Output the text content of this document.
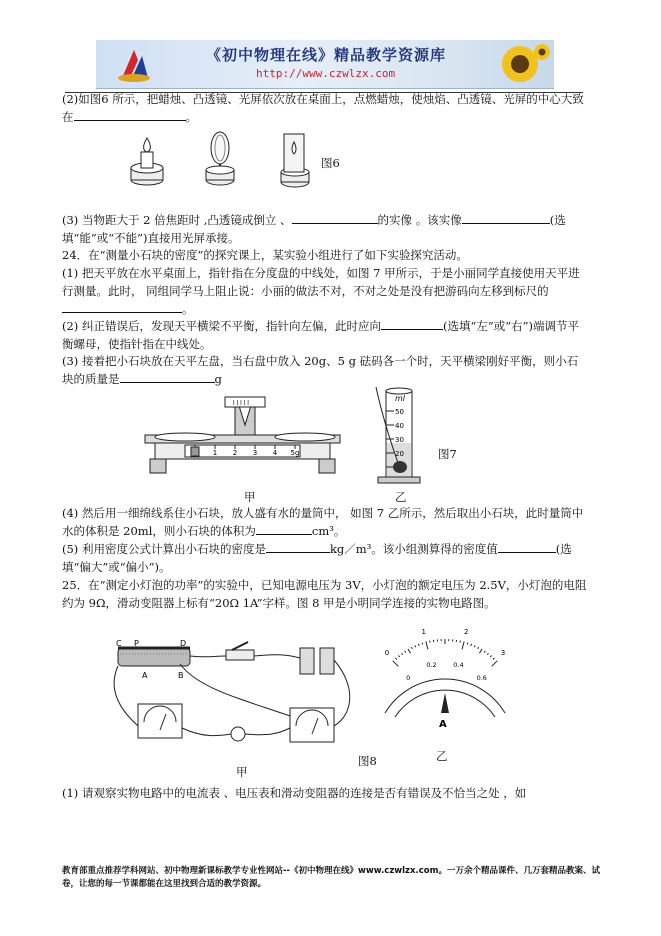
《初中物理在线》精品教学资源库
http://www.czwlzx.com
(2)如图6 所示，把蜡烛、凸透镜、光屏依次放在桌面上，点燃蜡烛，使烛焰、凸透镜、光屏的中心大致在	。
图6
(3) 当物距大于 2 倍焦距时 ,凸透镜成倒立 、	的实像 。该实像	(选填“能”或“不能”)直接用光屏承接。
24．在“测量小石块的密度”的探究课上，某实验小组进行了如下实验探究活动。
(1) 把天平放在水平桌面上，指针指在分度盘的中线处，如图 7 甲所示，于是小丽同学直接使用天平进行测量。此时， 同组同学马上阻止说：小丽的做法不对，不对之处是没有把游码向左移到标尺的。
(2) 纠正错误后，发现天平横梁不平衡，指针向左偏，此时应向	(选填“左”或“右”)端调节平衡螺母，使指针指在中线处。
(3) 接着把小石块放在天平左盘，当右盘中放入 20g、5 g 砝码各一个时，天平横梁刚好平衡，则小石块的质量是	g
1 2 3 4 5g
l l l l l
甲
ml
50
40
30
20	图7
乙
(4) 然后用一细绵线系住小石块，放人盛有水的量筒中， 如图 7 乙所示，然后取出小石块，此时量筒中水的体积是 20ml，则小石块的体积为	cm³。
(5) 利用密度公式计算出小石块的密度是	kg／m³。该小组测算得的密度值	(选填“偏大”或“偏小”)。
25．在“测定小灯泡的功率”的实验中，已知电源电压为 3V，小灯泡的额定电压为 2.5V，小灯泡的电阻约为 9Ω，滑动变阻器上标有“20Ω 1A”字样。图 8 甲是小明同学连接的实物电路图。
C P	D
A	B
甲
图8
0
1	2
3
0
0.2	0.4
0.6
A
乙
(1) 请观察实物电路中的电流表 、电压表和滑动变阻器的连接是否有错误及不恰当之处 ，如
教育部重点推荐学科网站、初中物理新课标教学专业性网站--《初中物理在线》www.czwlzx.com。一万余个精品课件、几万套精品教案、试卷，让您的每一节课都能在这里找到合适的教学资源。
